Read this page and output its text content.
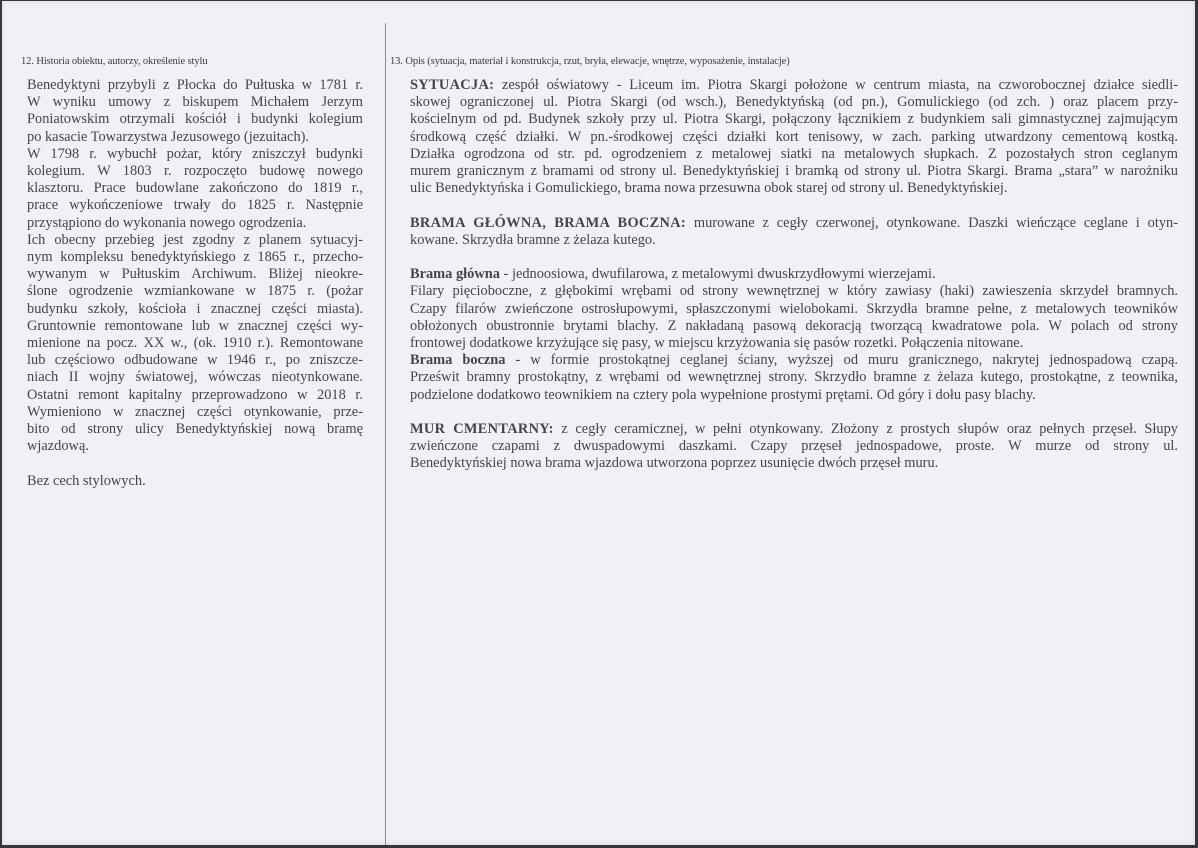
12. Historia obiektu, autorzy, określenie stylu
Benedyktyni przybyli z Płocka do Pułtuska w 1781 r.
W wyniku umowy z biskupem Michałem Jerzym
Poniatowskim otrzymali kościół i budynki kolegium
po kasacie Towarzystwa Jezusowego (jezuitach).
W 1798 r. wybuchł pożar, który zniszczył budynki
kolegium. W 1803 r. rozpoczęto budowę nowego
klasztoru. Prace budowlane zakończono do 1819 r.,
prace wykończeniowe trwały do 1825 r. Następnie
przystąpiono do wykonania nowego ogrodzenia.
Ich obecny przebieg jest zgodny z planem sytuacyj-
nym kompleksu benedyktyńskiego z 1865 r., przecho-
wywanym w Pułtuskim Archiwum. Bliżej nieokre-
ślone ogrodzenie wzmiankowane w 1875 r. (pożar
budynku szkoły, kościoła i znacznej części miasta).
Gruntownie remontowane lub w znacznej części wy-
mienione na pocz. XX w., (ok. 1910 r.). Remontowane
lub częściowo odbudowane w 1946 r., po zniszcze-
niach II wojny światowej, wówczas nieotynkowane.
Ostatni remont kapitalny przeprowadzono w 2018 r.
Wymieniono w znacznej części otynkowanie, prze-
bito od strony ulicy Benedyktyńskiej nową bramę
wjazdową.
Bez cech stylowych.
13. Opis (sytuacja, materiał i konstrukcja, rzut, bryła, elewacje, wnętrze, wyposażenie, instalacje)
SYTUACJA: zespół oświatowy - Liceum im. Piotra Skargi położone w centrum miasta, na czworobocznej działce siedli-
skowej ograniczonej ul. Piotra Skargi (od wsch.), Benedyktyńską (od pn.), Gomulickiego (od zch. ) oraz placem przy-
kościelnym od pd. Budynek szkoły przy ul. Piotra Skargi, połączony łącznikiem z budynkiem sali gimnastycznej zajmującym
środkową część działki. W pn.-środkowej części działki kort tenisowy, w zach. parking utwardzony cementową kostką.
Działka ogrodzona od str. pd. ogrodzeniem z metalowej siatki na metalowych słupkach. Z pozostałych stron ceglanym
murem granicznym z bramami od strony ul. Benedyktyńskiej i bramką od strony ul. Piotra Skargi. Brama „stara” w narożniku
ulic Benedyktyńska i Gomulickiego, brama nowa przesuwna obok starej od strony ul. Benedyktyńskiej.
BRAMA GŁÓWNA, BRAMA BOCZNA: murowane z cegły czerwonej, otynkowane. Daszki wieńczące ceglane i otyn-
kowane. Skrzydła bramne z żelaza kutego.
Brama główna - jednoosiowa, dwufilarowa, z metalowymi dwuskrzydłowymi wierzejami.
Filary pięcioboczne, z głębokimi wrębami od strony wewnętrznej w który zawiasy (haki) zawieszenia skrzydeł bramnych.
Czapy filarów zwieńczone ostrosłupowymi, spłaszczonymi wielobokami. Skrzydła bramne pełne, z metalowych teowników
obłożonych obustronnie brytami blachy. Z nakładaną pasową dekoracją tworzącą kwadratowe pola. W polach od strony
frontowej dodatkowe krzyżujące się pasy, w miejscu krzyżowania się pasów rozetki. Połączenia nitowane.
Brama boczna - w formie prostokątnej ceglanej ściany, wyższej od muru granicznego, nakrytej jednospadową czapą.
Prześwit bramny prostokątny, z wrębami od wewnętrznej strony. Skrzydło bramne z żelaza kutego, prostokątne, z teownika,
podzielone dodatkowo teownikiem na cztery pola wypełnione prostymi prętami. Od góry i dołu pasy blachy.
MUR CMENTARNY: z cegły ceramicznej, w pełni otynkowany. Złożony z prostych słupów oraz pełnych przęseł. Słupy
zwieńczone czapami z dwuspadowymi daszkami. Czapy przęseł jednospadowe, proste. W murze od strony ul.
Benedyktyńskiej nowa brama wjazdowa utworzona poprzez usunięcie dwóch przęseł muru.
